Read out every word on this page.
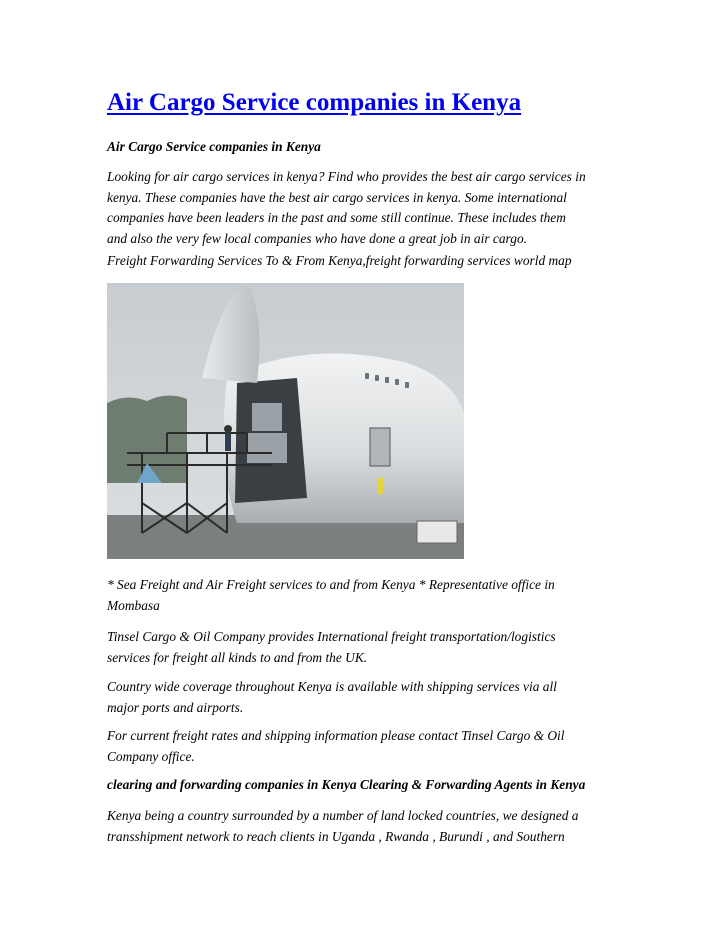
Air Cargo Service companies in Kenya

Air Cargo Service companies in Kenya

Looking for air cargo services in kenya? Find who provides the best air cargo services in
kenya. These companies have the best air cargo services in kenya. Some international
companies have been leaders in the past and some still continue. These includes them
and also the very few local companies who have done a great job in air cargo.

Freight Forwarding Services To & From Kenya,freight forwarding services world map

* Sea Freight and Air Freight services to and from Kenya * Representative office in
Mombasa
Tinsel Cargo & Oil Company provides International freight transportation/logistics
services for freight all kinds to and from the UK.
Country wide coverage throughout Kenya is available with shipping services via all
major ports and airports.
For current freight rates and shipping information please contact Tinsel Cargo & Oil
Company office.

clearing and forwarding companies in Kenya Clearing & Forwarding Agents in Kenya

Kenya being a country surrounded by a number of land locked countries, we designed a
transshipment network to reach clients in Uganda , Rwanda , Burundi , and Southern
